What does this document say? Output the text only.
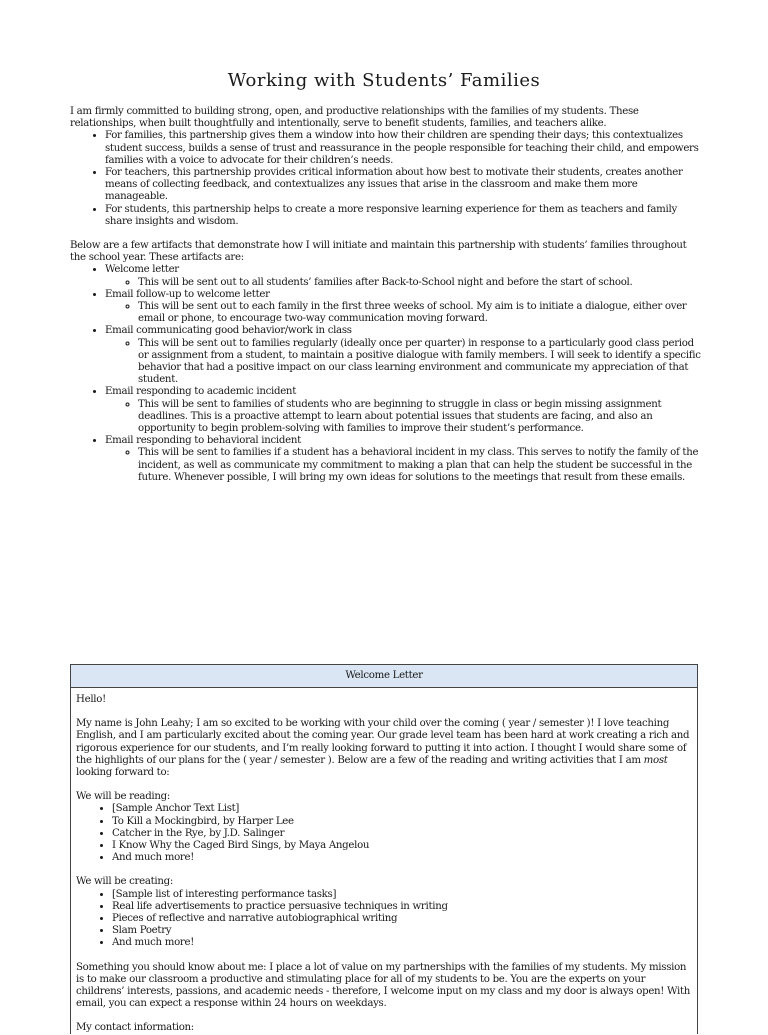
Working with Students’ Families

I am firmly committed to building strong, open, and productive relationships with the families of my students. These relationships, when built thoughtfully and intentionally, serve to benefit students, families, and teachers alike.

• For families, this partnership gives them a window into how their children are spending their days; this contextualizes student success, builds a sense of trust and reassurance in the people responsible for teaching their child, and empowers families with a voice to advocate for their children’s needs.
• For teachers, this partnership provides critical information about how best to motivate their students, creates another means of collecting feedback, and contextualizes any issues that arise in the classroom and make them more manageable.
• For students, this partnership helps to create a more responsive learning experience for them as teachers and family share insights and wisdom.

Below are a few artifacts that demonstrate how I will initiate and maintain this partnership with students’ families throughout the school year. These artifacts are:

• Welcome letter
◦ This will be sent out to all students’ families after Back-to-School night and before the start of school.
• Email follow-up to welcome letter
◦ This will be sent out to each family in the first three weeks of school. My aim is to initiate a dialogue, either over email or phone, to encourage two-way communication moving forward.
• Email communicating good behavior/work in class
◦ This will be sent out to families regularly (ideally once per quarter) in response to a particularly good class period or assignment from a student, to maintain a positive dialogue with family members. I will seek to identify a specific behavior that had a positive impact on our class learning environment and communicate my appreciation of that student.
• Email responding to academic incident
◦ This will be sent to families of students who are beginning to struggle in class or begin missing assignment deadlines. This is a proactive attempt to learn about potential issues that students are facing, and also an opportunity to begin problem-solving with families to improve their student’s performance.
• Email responding to behavioral incident
◦ This will be sent to families if a student has a behavioral incident in my class. This serves to notify the family of the incident, as well as communicate my commitment to making a plan that can help the student be successful in the future. Whenever possible, I will bring my own ideas for solutions to the meetings that result from these emails.
Welcome Letter

Hello!

My name is John Leahy; I am so excited to be working with your child over the coming ( year / semester )! I love teaching English, and I am particularly excited about the coming year. Our grade level team has been hard at work creating a rich and rigorous experience for our students, and I’m really looking forward to putting it into action. I thought I would share some of the highlights of our plans for the ( year / semester ). Below are a few of the reading and writing activities that I am most looking forward to:

We will be reading:

• [Sample Anchor Text List]
• To Kill a Mockingbird, by Harper Lee
• Catcher in the Rye, by J.D. Salinger
• I Know Why the Caged Bird Sings, by Maya Angelou
• And much more!

We will be creating:

• [Sample list of interesting performance tasks]
• Real life advertisements to practice persuasive techniques in writing
• Pieces of reflective and narrative autobiographical writing
• Slam Poetry
• And much more!

Something you should know about me: I place a lot of value on my partnerships with the families of my students. My mission is to make our classroom a productive and stimulating place for all of my students to be. You are the experts on your childrens’ interests, passions, and academic needs - therefore, I welcome input on my class and my door is always open! With email, you can expect a response within 24 hours on weekdays.

My contact information:
